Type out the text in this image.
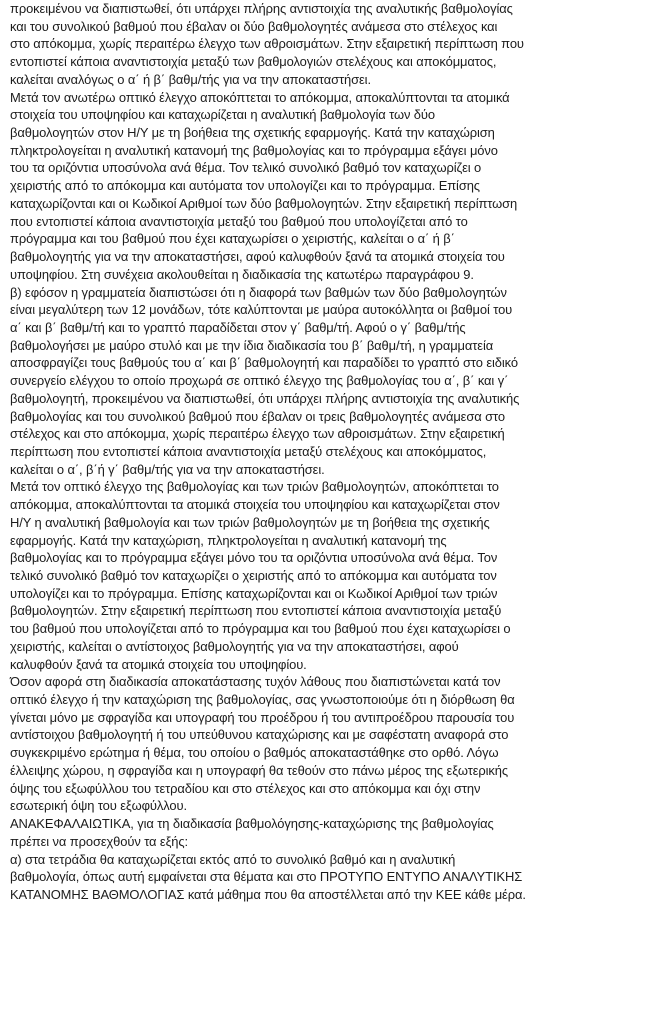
προκειμένου να διαπιστωθεί, ότι υπάρχει πλήρης αντιστοιχία της αναλυτικής βαθμολογίας
και του συνολικού βαθμού που έβαλαν οι δύο βαθμολογητές ανάμεσα στο στέλεχος και
στο απόκομμα, χωρίς περαιτέρω έλεγχο των αθροισμάτων. Στην εξαιρετική περίπτωση που
εντοπιστεί κάποια αναντιστοιχία μεταξύ των βαθμολογιών στελέχους και αποκόμματος,
καλείται αναλόγως ο α΄ ή β΄ βαθμ/τής για να την αποκαταστήσει.
Μετά τον ανωτέρω οπτικό έλεγχο αποκόπτεται το απόκομμα, αποκαλύπτονται τα ατομικά
στοιχεία του υποψηφίου και καταχωρίζεται η αναλυτική βαθμολογία των δύο
βαθμολογητών στον Η/Υ με τη βοήθεια της σχετικής εφαρμογής. Κατά την καταχώριση
πληκτρολογείται η αναλυτική κατανομή της βαθμολογίας και το πρόγραμμα εξάγει μόνο
του τα οριζόντια υποσύνολα ανά θέμα. Τον τελικό συνολικό βαθμό τον καταχωρίζει ο
χειριστής από το απόκομμα και αυτόματα τον υπολογίζει και το πρόγραμμα. Επίσης
καταχωρίζονται και οι Κωδικοί Αριθμοί των δύο βαθμολογητών. Στην εξαιρετική περίπτωση
που εντοπιστεί κάποια αναντιστοιχία μεταξύ του βαθμού που υπολογίζεται από το
πρόγραμμα και του βαθμού που έχει καταχωρίσει ο χειριστής, καλείται ο α΄ ή β΄
βαθμολογητής για να την αποκαταστήσει, αφού καλυφθούν ξανά τα ατομικά στοιχεία του
υποψηφίου. Στη συνέχεια ακολουθείται η διαδικασία της κατωτέρω παραγράφου 9.
β) εφόσον η γραμματεία διαπιστώσει ότι η διαφορά των βαθμών των δύο βαθμολογητών
είναι μεγαλύτερη των 12 μονάδων, τότε καλύπτονται με μαύρα αυτοκόλλητα οι βαθμοί του
α΄ και β΄ βαθμ/τή και το γραπτό παραδίδεται στον γ΄ βαθμ/τή. Αφού ο γ΄ βαθμ/τής
βαθμολογήσει με μαύρο στυλό και με την ίδια διαδικασία του β΄ βαθμ/τή, η γραμματεία
αποσφραγίζει τους βαθμούς του α΄ και β΄ βαθμολογητή και παραδίδει το γραπτό στο ειδικό
συνεργείο ελέγχου το οποίο προχωρά σε οπτικό έλεγχο της βαθμολογίας του α΄, β΄ και γ΄
βαθμολογητή, προκειμένου να διαπιστωθεί, ότι υπάρχει πλήρης αντιστοιχία της αναλυτικής
βαθμολογίας και του συνολικού βαθμού που έβαλαν οι τρεις βαθμολογητές ανάμεσα στο
στέλεχος και στο απόκομμα, χωρίς περαιτέρω έλεγχο των αθροισμάτων. Στην εξαιρετική
περίπτωση που εντοπιστεί κάποια αναντιστοιχία μεταξύ στελέχους και αποκόμματος,
καλείται ο α΄, β΄ή γ΄ βαθμ/τής για να την αποκαταστήσει.
Μετά τον οπτικό έλεγχο της βαθμολογίας και των τριών βαθμολογητών, αποκόπτεται το
απόκομμα, αποκαλύπτονται τα ατομικά στοιχεία του υποψηφίου και καταχωρίζεται στον
Η/Υ η αναλυτική βαθμολογία και των τριών βαθμολογητών με τη βοήθεια της σχετικής
εφαρμογής. Κατά την καταχώριση, πληκτρολογείται η αναλυτική κατανομή της
βαθμολογίας και το πρόγραμμα εξάγει μόνο του τα οριζόντια υποσύνολα ανά θέμα. Τον
τελικό συνολικό βαθμό τον καταχωρίζει ο χειριστής από το απόκομμα και αυτόματα τον
υπολογίζει και το πρόγραμμα. Επίσης καταχωρίζονται και οι Κωδικοί Αριθμοί των τριών
βαθμολογητών. Στην εξαιρετική περίπτωση που εντοπιστεί κάποια αναντιστοιχία μεταξύ
του βαθμού που υπολογίζεται από το πρόγραμμα και του βαθμού που έχει καταχωρίσει ο
χειριστής, καλείται ο αντίστοιχος βαθμολογητής για να την αποκαταστήσει, αφού
καλυφθούν ξανά τα ατομικά στοιχεία του υποψηφίου.
Όσον αφορά στη διαδικασία αποκατάστασης τυχόν λάθους που διαπιστώνεται κατά τον
οπτικό έλεγχο ή την καταχώριση της βαθμολογίας, σας γνωστοποιούμε ότι η διόρθωση θα
γίνεται μόνο με σφραγίδα και υπογραφή του προέδρου ή του αντιπροέδρου παρουσία του
αντίστοιχου βαθμολογητή ή του υπεύθυνου καταχώρισης και με σαφέστατη αναφορά στο
συγκεκριμένο ερώτημα ή θέμα, του οποίου ο βαθμός αποκαταστάθηκε στο ορθό. Λόγω
έλλειψης χώρου, η σφραγίδα και η υπογραφή θα τεθούν στο πάνω μέρος της εξωτερικής
όψης του εξωφύλλου του τετραδίου και στο στέλεχος και στο απόκομμα και όχι στην
εσωτερική όψη του εξωφύλλου.
ΑΝΑΚΕΦΑΛΑΙΩΤΙΚΑ, για τη διαδικασία βαθμολόγησης-καταχώρισης της βαθμολογίας
πρέπει να προσεχθούν τα εξής:
α) στα τετράδια θα καταχωρίζεται εκτός από το συνολικό βαθμό και η αναλυτική
βαθμολογία, όπως αυτή εμφαίνεται στα θέματα και στο ΠΡΟΤΥΠΟ ΕΝΤΥΠΟ ΑΝΑΛΥΤΙΚΗΣ
ΚΑΤΑΝΟΜΗΣ ΒΑΘΜΟΛΟΓΙΑΣ κατά μάθημα που θα αποστέλλεται από την ΚΕΕ κάθε μέρα.
